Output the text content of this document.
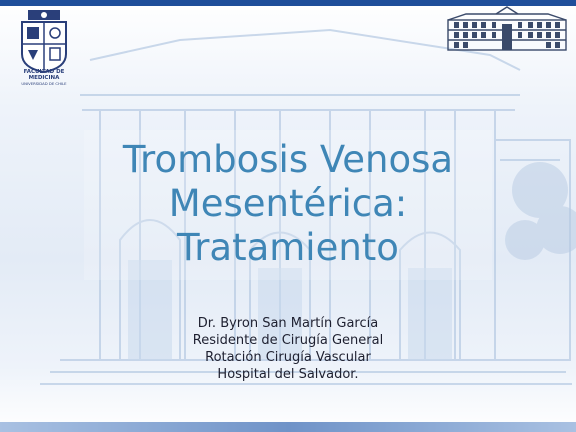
FACULTAD DE MEDICINA
UNIVERSIDAD DE CHILE
Trombosis Venosa
Mesentérica:
Tratamiento
Dr. Byron San Martín García
Residente de Cirugía General
Rotación Cirugía Vascular
Hospital del Salvador.
